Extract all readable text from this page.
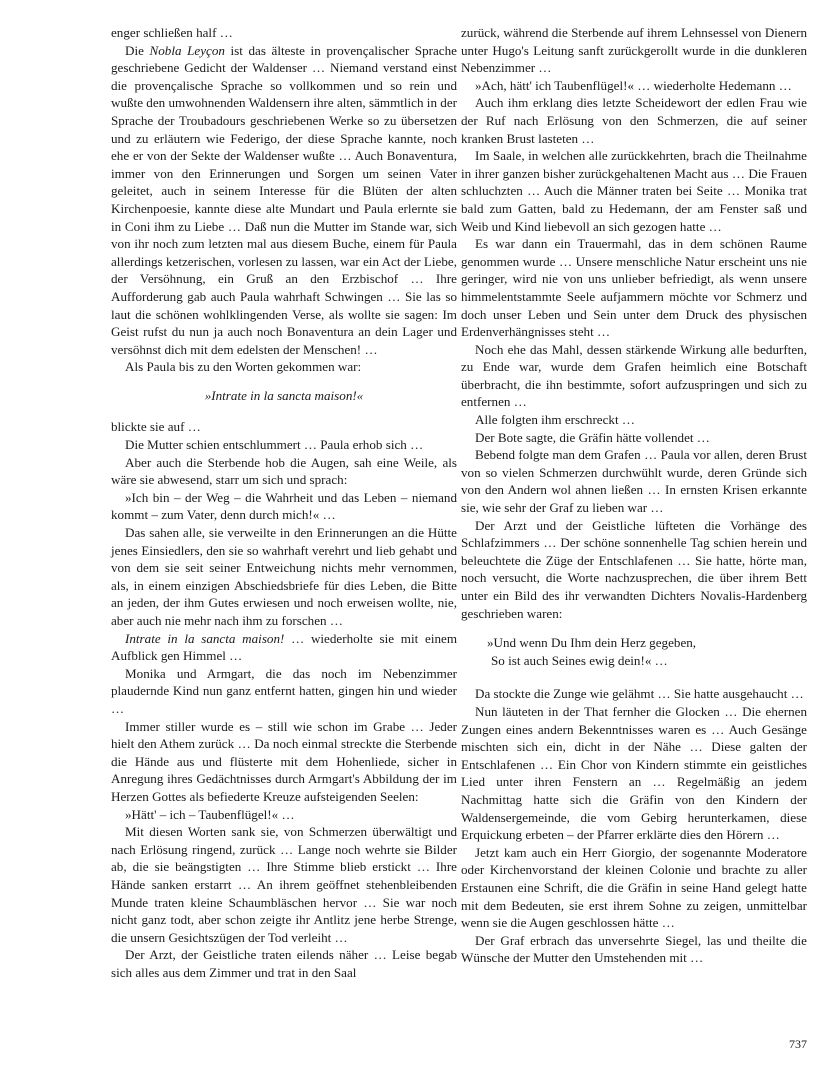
enger schließen half …

Die Nobla Leyçon ist das älteste in provençalischer Sprache geschriebene Gedicht der Waldenser … Niemand verstand einst die provençalische Sprache so vollkommen und so rein und wußte den umwohnenden Waldensern ihre alten, sämmtlich in der Sprache der Troubadours geschriebenen Werke so zu übersetzen und zu erläutern wie Federigo, der diese Sprache kannte, noch ehe er von der Sekte der Waldenser wußte … Auch Bonaventura, immer von den Erinnerungen und Sorgen um seinen Vater geleitet, auch in seinem Interesse für die Blüten der alten Kirchenpoesie, kannte diese alte Mundart und Paula erlernte sie in Coni ihm zu Liebe … Daß nun die Mutter im Stande war, sich von ihr noch zum letzten mal aus diesem Buche, einem für Paula allerdings ketzerischen, vorlesen zu lassen, war ein Act der Liebe, der Versöhnung, ein Gruß an den Erzbischof … Ihre Aufforderung gab auch Paula wahrhaft Schwingen … Sie las so laut die schönen wohlklingenden Verse, als wollte sie sagen: Im Geist rufst du nun ja auch noch Bonaventura an dein Lager und versöhnst dich mit dem edelsten der Menschen! …

Als Paula bis zu den Worten gekommen war:

»Intrate in la sancta maison!«

blickte sie auf …

Die Mutter schien entschlummert … Paula erhob sich …

Aber auch die Sterbende hob die Augen, sah eine Weile, als wäre sie abwesend, starr um sich und sprach:

»Ich bin – der Weg – die Wahrheit und das Leben – niemand kommt – zum Vater, denn durch mich!« …

Das sahen alle, sie verweilte in den Erinnerungen an die Hütte jenes Einsiedlers, den sie so wahrhaft verehrt und lieb gehabt und von dem sie seit seiner Entweichung nichts mehr vernommen, als, in einem einzigen Abschiedsbriefe für dies Leben, die Bitte an jeden, der ihm Gutes erwiesen und noch erweisen wollte, nie, aber auch nie mehr nach ihm zu forschen …

Intrate in la sancta maison! … wiederholte sie mit einem Aufblick gen Himmel …

Monika und Armgart, die das noch im Nebenzimmer plaudernde Kind nun ganz entfernt hatten, gingen hin und wieder …

Immer stiller wurde es – still wie schon im Grabe … Jeder hielt den Athem zurück … Da noch einmal streckte die Sterbende die Hände aus und flüsterte mit dem Hohenliede, sicher in Anregung ihres Gedächtnisses durch Armgart's Abbildung der im Herzen Gottes als befiederte Kreuze aufsteigenden Seelen:

»Hätt' – ich – Taubenflügel!« …

Mit diesen Worten sank sie, von Schmerzen überwältigt und nach Erlösung ringend, zurück … Lange noch wehrte sie Bilder ab, die sie beängstigten … Ihre Stimme blieb erstickt … Ihre Hände sanken erstarrt … An ihrem geöffnet stehenbleibenden Munde traten kleine Schaumbläschen hervor … Sie war noch nicht ganz todt, aber schon zeigte ihr Antlitz jene herbe Strenge, die unsern Gesichtszügen der Tod verleiht …

Der Arzt, der Geistliche traten eilends näher … Leise begab sich alles aus dem Zimmer und trat in den Saal

zurück, während die Sterbende auf ihrem Lehnsessel von Dienern unter Hugo's Leitung sanft zurückgerollt wurde in die dunkleren Nebenzimmer …

»Ach, hätt' ich Taubenflügel!« … wiederholte Hedemann …

Auch ihm erklang dies letzte Scheidewort der edlen Frau wie der Ruf nach Erlösung von den Schmerzen, die auf seiner kranken Brust lasteten …

Im Saale, in welchen alle zurückkehrten, brach die Theilnahme in ihrer ganzen bisher zurückgehaltenen Macht aus … Die Frauen schluchzten … Auch die Männer traten bei Seite … Monika trat bald zum Gatten, bald zu Hedemann, der am Fenster saß und Weib und Kind liebevoll an sich gezogen hatte …

Es war dann ein Trauermahl, das in dem schönen Raume genommen wurde … Unsere menschliche Natur erscheint uns nie geringer, wird nie von uns unlieber befriedigt, als wenn unsere himmelentstammte Seele aufjammern möchte vor Schmerz und doch unser Leben und Sein unter dem Druck des physischen Erdenverhängnisses steht …

Noch ehe das Mahl, dessen stärkende Wirkung alle bedurften, zu Ende war, wurde dem Grafen heimlich eine Botschaft überbracht, die ihn bestimmte, sofort aufzuspringen und sich zu entfernen …

Alle folgten ihm erschreckt …

Der Bote sagte, die Gräfin hätte vollendet …

Bebend folgte man dem Grafen … Paula vor allen, deren Brust von so vielen Schmerzen durchwühlt wurde, deren Gründe sich von den Andern wol ahnen ließen … In ernsten Krisen erkannte sie, wie sehr der Graf zu lieben war …

Der Arzt und der Geistliche lüfteten die Vorhänge des Schlafzimmers … Der schöne sonnenhelle Tag schien herein und beleuchtete die Züge der Entschlafenen … Sie hatte, hörte man, noch versucht, die Worte nachzusprechen, die über ihrem Bett unter ein Bild des ihr verwandten Dichters Novalis-Hardenberg geschrieben waren:

»Und wenn Du Ihm dein Herz gegeben,

So ist auch Seines ewig dein!« …

Da stockte die Zunge wie gelähmt … Sie hatte ausgehaucht …

Nun läuteten in der That fernher die Glocken … Die ehernen Zungen eines andern Bekenntnisses waren es … Auch Gesänge mischten sich ein, dicht in der Nähe … Diese galten der Entschlafenen … Ein Chor von Kindern stimmte ein geistliches Lied unter ihren Fenstern an … Regelmäßig an jedem Nachmittag hatte sich die Gräfin von den Kindern der Waldensergemeinde, die vom Gebirg herunterkamen, diese Erquickung erbeten – der Pfarrer erklärte dies den Hörern …

Jetzt kam auch ein Herr Giorgio, der sogenannte Moderatore oder Kirchenvorstand der kleinen Colonie und brachte zu aller Erstaunen eine Schrift, die die Gräfin in seine Hand gelegt hatte mit dem Bedeuten, sie erst ihrem Sohne zu zeigen, unmittelbar wenn sie die Augen geschlossen hätte …

Der Graf erbrach das unversehrte Siegel, las und theilte die Wünsche der Mutter den Umstehenden mit …

737
